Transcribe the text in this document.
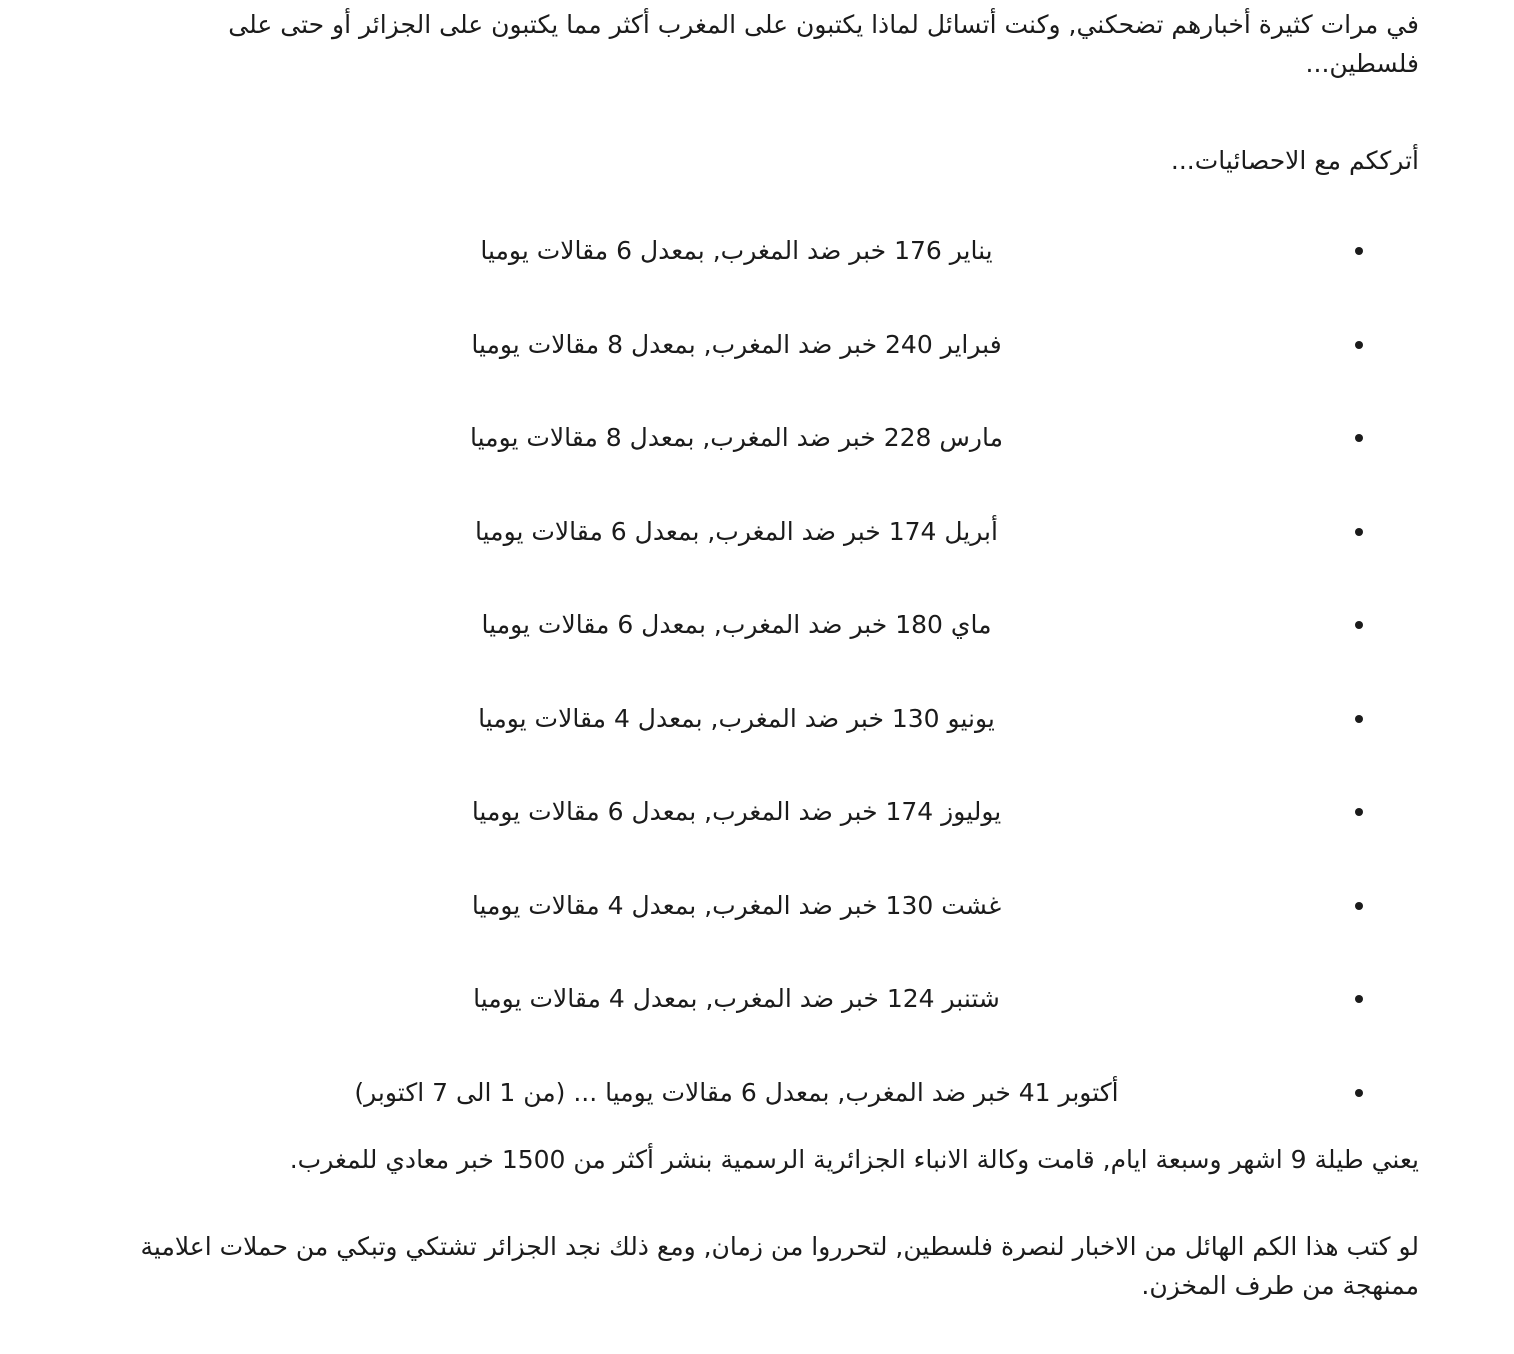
في مرات كثيرة أخبارهم تضحكني, وكنت أتسائل لماذا يكتبون على المغرب أكثر مما يكتبون على الجزائر أو حتى على فلسطين...

أترككم مع الاحصائيات...

يناير 176 خبر ضد المغرب, بمعدل 6 مقالات يوميا
فبراير 240 خبر ضد المغرب, بمعدل 8 مقالات يوميا
مارس 228 خبر ضد المغرب, بمعدل 8 مقالات يوميا
أبريل 174 خبر ضد المغرب, بمعدل 6 مقالات يوميا
ماي 180 خبر ضد المغرب, بمعدل 6 مقالات يوميا
يونيو 130 خبر ضد المغرب, بمعدل 4 مقالات يوميا
يوليوز 174 خبر ضد المغرب, بمعدل 6 مقالات يوميا
غشت 130 خبر ضد المغرب, بمعدل 4 مقالات يوميا
شتنبر 124 خبر ضد المغرب, بمعدل 4 مقالات يوميا
أكتوبر 41 خبر ضد المغرب, بمعدل 6 مقالات يوميا ... (من 1 الى 7 اكتوبر)

يعني طيلة 9 اشهر وسبعة ايام, قامت وكالة الانباء الجزائرية الرسمية بنشر أكثر من 1500 خبر معادي للمغرب.

لو كتب هذا الكم الهائل من الاخبار لنصرة فلسطين, لتحرروا من زمان, ومع ذلك نجد الجزائر تشتكي وتبكي من حملات اعلامية ممنهجة من طرف المخزن.
